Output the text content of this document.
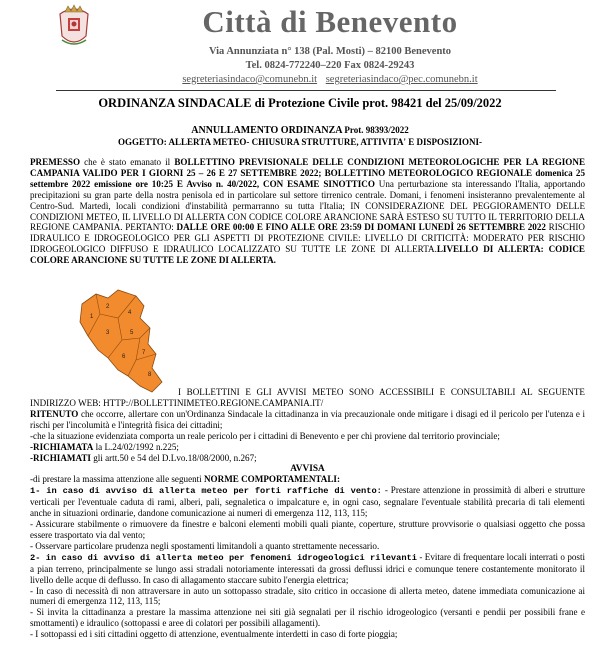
Città di Benevento
Via Annunziata n° 138 (Pal. Mosti) – 82100 Benevento
Tel. 0824-772240–220 Fax 0824-29243
segreteriasindaco@comunebn.it segreteriasindaco@pec.comunebn.it
ORDINANZA SINDACALE di Protezione Civile prot. 98421 del 25/09/2022
ANNULLAMENTO ORDINANZA Prot. 98393/2022
OGGETTO: ALLERTA METEO- CHIUSURA STRUTTURE, ATTIVITA' E DISPOSIZIONI-
PREMESSO che è stato emanato il BOLLETTINO PREVISIONALE DELLE CONDIZIONI METEOROLOGICHE PER LA REGIONE CAMPANIA VALIDO PER I GIORNI 25 – 26 E 27 SETTEMBRE 2022; BOLLETTINO METEOROLOGICO REGIONALE domenica 25 settembre 2022 emissione ore 10:25 E Avviso n. 40/2022, CON ESAME SINOTTICO Una perturbazione sta interessando l'Italia, apportando precipitazioni su gran parte della nostra penisola ed in particolare sul settore tirrenico centrale. Domani, i fenomeni insisteranno prevalentemente al Centro-Sud. Martedì, locali condizioni d'instabilità permarranno su tutta l'Italia; IN CONSIDERAZIONE DEL PEGGIORAMENTO DELLE CONDIZIONI METEO, IL LIVELLO DI ALLERTA CON CODICE COLORE ARANCIONE SARÀ ESTESO SU TUTTO IL TERRITORIO DELLA REGIONE CAMPANIA. PERTANTO: DALLE ORE 00:00 E FINO ALLE ORE 23:59 DI DOMANI LUNEDÌ 26 SETTEMBRE 2022 RISCHIO IDRAULICO E IDROGEOLOGICO PER GLI ASPETTI DI PROTEZIONE CIVILE: LIVELLO DI CRITICITÀ: MODERATO PER RISCHIO IDROGEOLOGICO DIFFUSO E IDRAULICO LOCALIZZATO SU TUTTE LE ZONE DI ALLERTA.LIVELLO DI ALLERTA: CODICE COLORE ARANCIONE SU TUTTE LE ZONE DI ALLERTA.
1
2
3
4
5
6
7
8
I BOLLETTINI E GLI AVVISI METEO SONO ACCESSIBILI E CONSULTABILI AL SEGUENTE INDIRIZZO WEB: HTTP://BOLLETTINIMETEO.REGIONE.CAMPANIA.IT/
RITENUTO che occorre, allertare con un'Ordinanza Sindacale la cittadinanza in via precauzionale onde mitigare i disagi ed il pericolo per l'utenza e i rischi per l'incolumità e l'integrità fisica dei cittadini;
-che la situazione evidenziata comporta un reale pericolo per i cittadini di Benevento e per chi proviene dal territorio provinciale;
-RICHIAMATA la L.24/02/1992 n.225;
-RICHIAMATI gli artt.50 e 54 del D.Lvo.18/08/2000, n.267;
AVVISA
-di prestare la massima attenzione alle seguenti NORME COMPORTAMENTALI:
1- in caso di avviso di allerta meteo per forti raffiche di vento: - Prestare attenzione in prossimità di alberi e strutture verticali per l'eventuale caduta di rami, alberi, pali, segnaletica o impalcature e, in ogni caso, segnalare l'eventuale stabilità precaria di tali elementi anche in situazioni ordinarie, dandone comunicazione ai numeri di emergenza 112, 113, 115;
- Assicurare stabilmente o rimuovere da finestre e balconi elementi mobili quali piante, coperture, strutture provvisorie o qualsiasi oggetto che possa essere trasportato via dal vento;
- Osservare particolare prudenza negli spostamenti limitandoli a quanto strettamente necessario.
2- in caso di avviso di allerta meteo per fenomeni idrogeologici rilevanti - Evitare di frequentare locali interrati o posti a pian terreno, principalmente se lungo assi stradali notoriamente interessati da grossi deflussi idrici e comunque tenere costantemente monitorato il livello delle acque di deflusso. In caso di allagamento staccare subito l'energia elettrica;
- In caso di necessità di non attraversare in auto un sottopasso stradale, sito critico in occasione di allerta meteo, datene immediata comunicazione ai numeri di emergenza 112, 113, 115;
- Si invita la cittadinanza a prestare la massima attenzione nei siti già segnalati per il rischio idrogeologico (versanti e pendii per possibili frane e smottamenti) e idraulico (sottopassi e aree di colatori per possibili allagamenti).
- I sottopassi ed i siti cittadini oggetto di attenzione, eventualmente interdetti in caso di forte pioggia;
